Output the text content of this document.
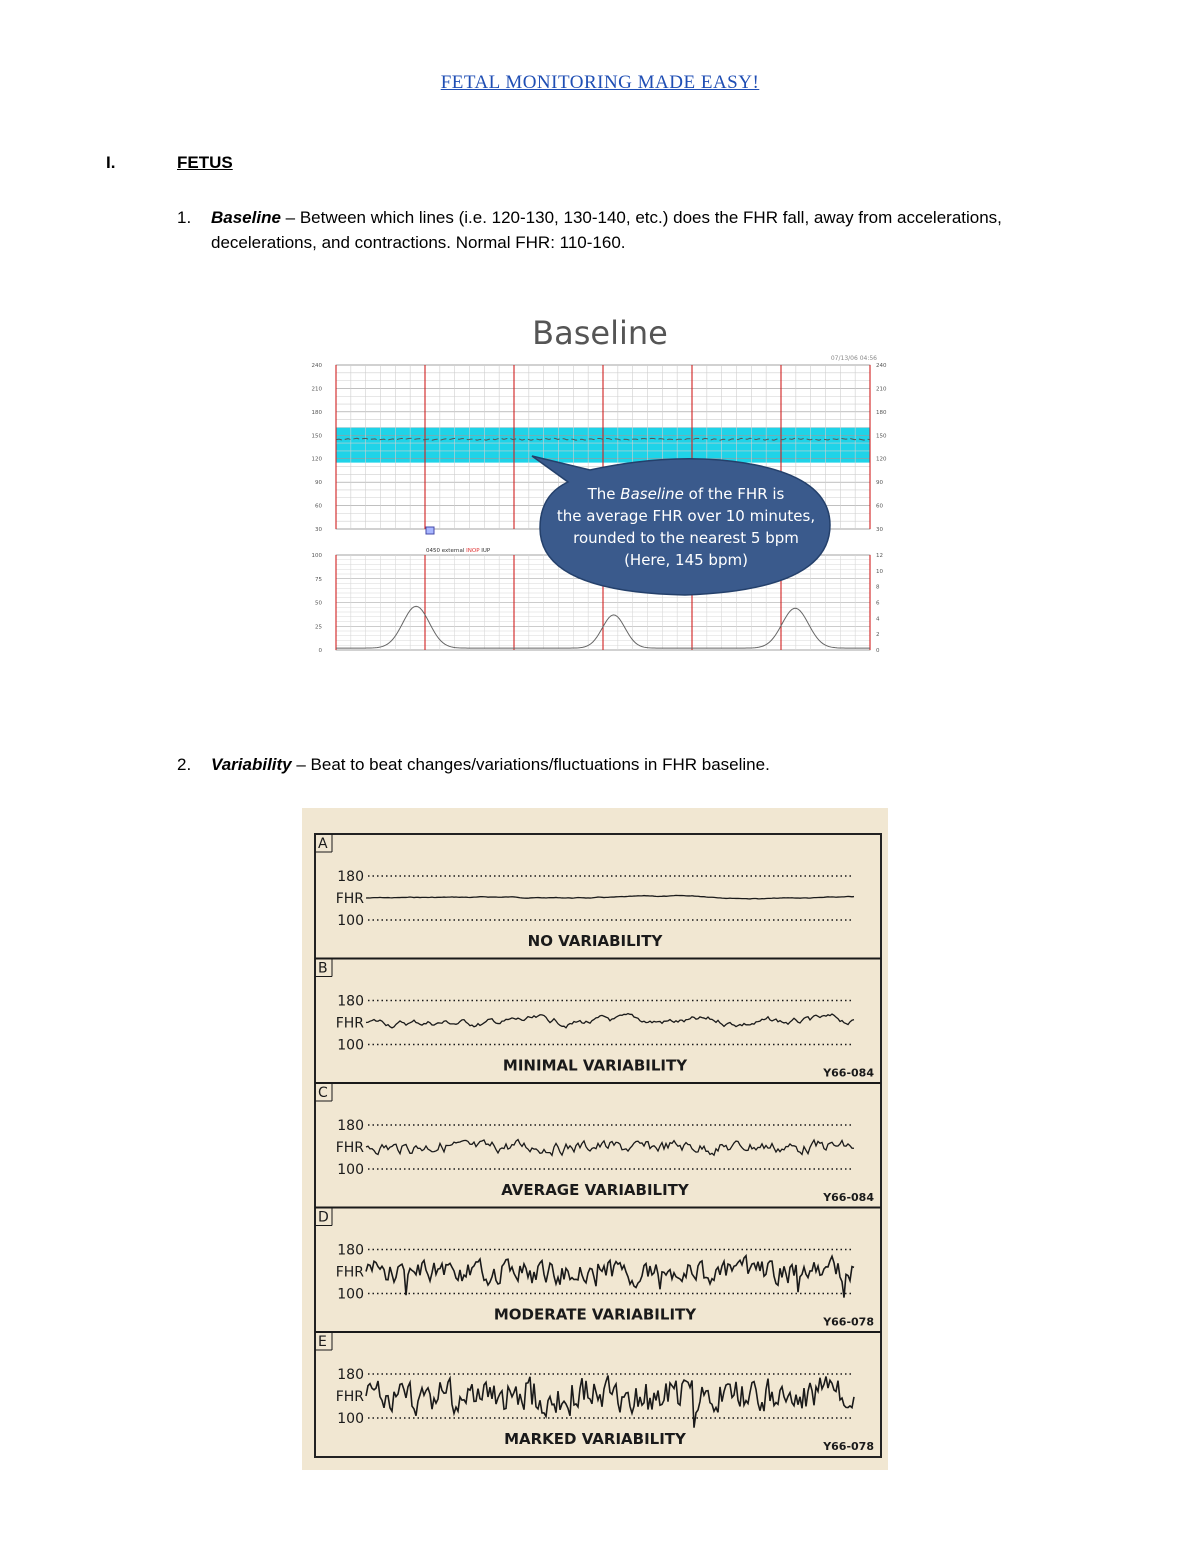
FETAL MONITORING MADE EASY!
I.	FETUS
1. Baseline – Between which lines (i.e. 120-130, 130-140, etc.) does the FHR fall, away from accelerations,
decelerations, and contractions. Normal FHR: 110-160.
Baseline
07/13/06 04:56
240	240
210	210
180	180
150	150
120	120
90	90
60	60
30	30
100
75
50
25
0
12
10
8
6
4
2
0
0450 external INOP IUP
The Baseline of the FHR is
the average FHR over 10 minutes,
rounded to the nearest 5 bpm
(Here, 145 bpm)
2. Variability – Beat to beat changes/variations/fluctuations in FHR baseline.
A
180
FHR
100
NO VARIABILITY
B
180
FHR
100
MINIMAL VARIABILITY	Y66-084
C
180
FHR
100
AVERAGE VARIABILITY	Y66-084
D
180
FHR
100
MODERATE VARIABILITY	Y66-078
E
180
FHR
100
MARKED VARIABILITY	Y66-078
